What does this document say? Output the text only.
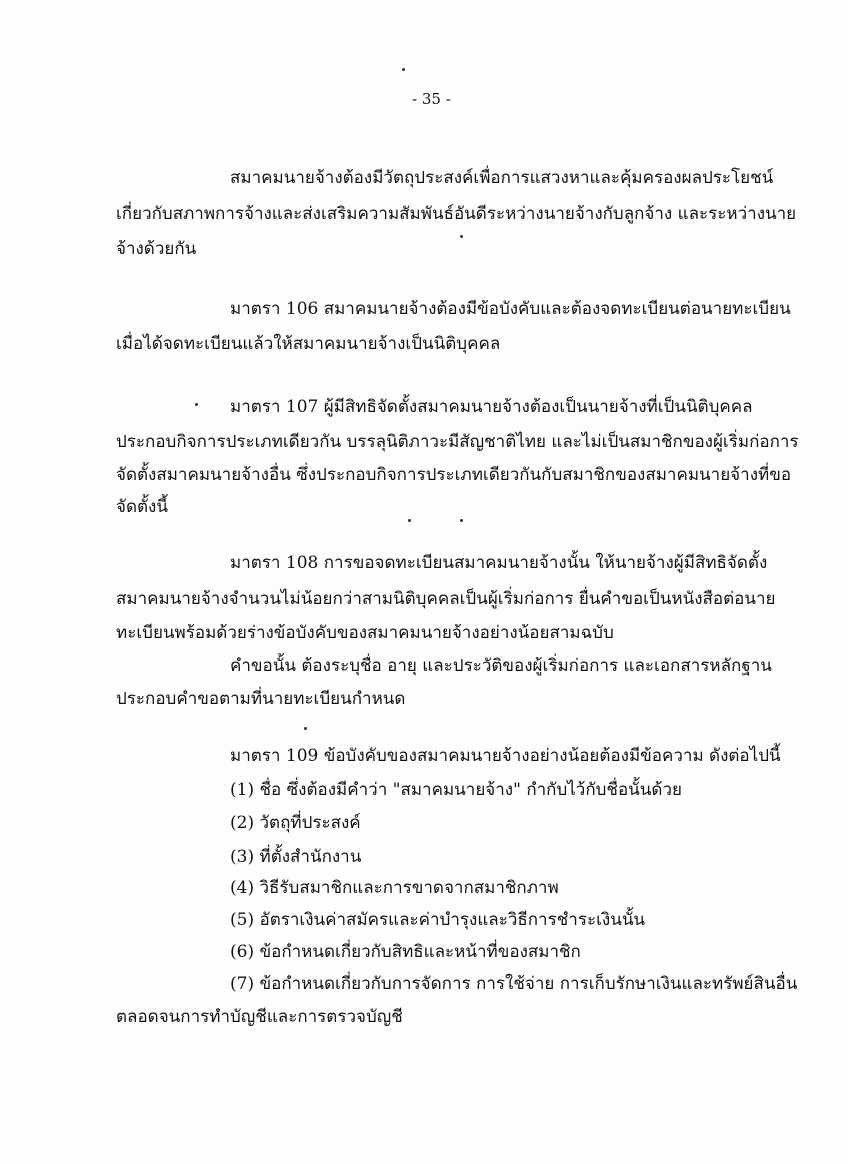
- 35 -
สมาคมนายจ้างต้องมีวัตถุประสงค์เพื่อการแสวงหาและคุ้มครองผลประโยชน์
เกี่ยวกับสภาพการจ้างและส่งเสริมความสัมพันธ์อันดีระหว่างนายจ้างกับลูกจ้าง และระหว่างนาย
จ้างด้วยกัน
มาตรา 106 สมาคมนายจ้างต้องมีข้อบังคับและต้องจดทะเบียนต่อนายทะเบียน
เมื่อได้จดทะเบียนแล้วให้สมาคมนายจ้างเป็นนิติบุคคล
มาตรา 107 ผู้มีสิทธิจัดตั้งสมาคมนายจ้างต้องเป็นนายจ้างที่เป็นนิติบุคคล
ประกอบกิจการประเภทเดียวกัน บรรลุนิติภาวะมีสัญชาติไทย และไม่เป็นสมาชิกของผู้เริ่มก่อการ
จัดตั้งสมาคมนายจ้างอื่น ซึ่งประกอบกิจการประเภทเดียวกันกับสมาชิกของสมาคมนายจ้างที่ขอ
จัดตั้งนี้
มาตรา 108 การขอจดทะเบียนสมาคมนายจ้างนั้น ให้นายจ้างผู้มีสิทธิจัดตั้ง
สมาคมนายจ้างจำนวนไม่น้อยกว่าสามนิติบุคคลเป็นผู้เริ่มก่อการ ยื่นคำขอเป็นหนังสือต่อนาย
ทะเบียนพร้อมด้วยร่างข้อบังคับของสมาคมนายจ้างอย่างน้อยสามฉบับ
คำขอนั้น ต้องระบุชื่อ อายุ และประวัติของผู้เริ่มก่อการ และเอกสารหลักฐาน
ประกอบคำขอตามที่นายทะเบียนกำหนด
มาตรา 109 ข้อบังคับของสมาคมนายจ้างอย่างน้อยต้องมีข้อความ ดังต่อไปนี้
(1) ชื่อ ซึ่งต้องมีคำว่า "สมาคมนายจ้าง" กำกับไว้กับชื่อนั้นด้วย
(2) วัตถุที่ประสงค์
(3) ที่ตั้งสำนักงาน
(4) วิธีรับสมาชิกและการขาดจากสมาชิกภาพ
(5) อัตราเงินค่าสมัครและค่าบำรุงและวิธีการชำระเงินนั้น
(6) ข้อกำหนดเกี่ยวกับสิทธิและหน้าที่ของสมาชิก
(7) ข้อกำหนดเกี่ยวกับการจัดการ การใช้จ่าย การเก็บรักษาเงินและทรัพย์สินอื่น
ตลอดจนการทำบัญชีและการตรวจบัญชี
